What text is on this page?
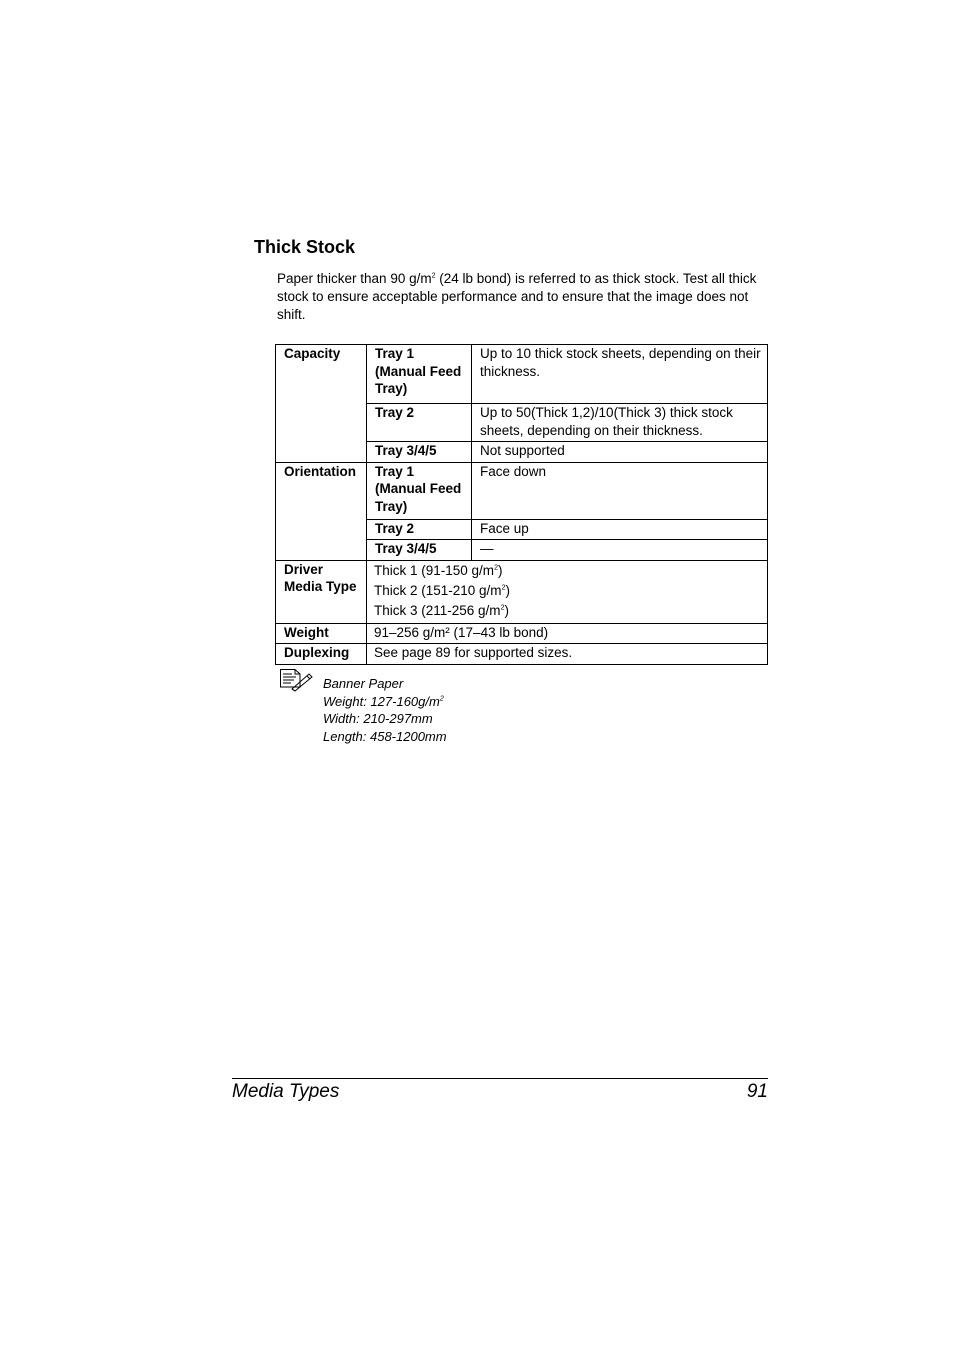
Thick Stock

Paper thicker than 90 $g/m^2$ (24 lb bond) is referred to as thick stock. Test all thick stock to ensure acceptable performance and to ensure that the image does not shift.

Capacity	Tray 1 (Manual Feed Tray)	Up to 10 thick stock sheets, depending on their thickness.
	Tray 2	Up to 50(Thick 1,2)/10(Thick 3) thick stock sheets, depending on their thickness.
	Tray 3/4/5	Not supported
Orientation	Tray 1 (Manual Feed Tray)	Face down
	Tray 2	Face up
	Tray 3/4/5	—
Driver Media Type	Thick 1 (91-150 $g/m^2$)
Thick 2 (151-210 $g/m^2$)
Thick 3 (211-256 $g/m^2$)	

Weight	91–256 g/m² (17–43 lb bond)	
Duplexing	See page 89 for supported sizes.	
Banner Paper
Weight: $127-160g/m^2$
Width: 210-297mm
Length: 458-1200mm
Media Types	91
